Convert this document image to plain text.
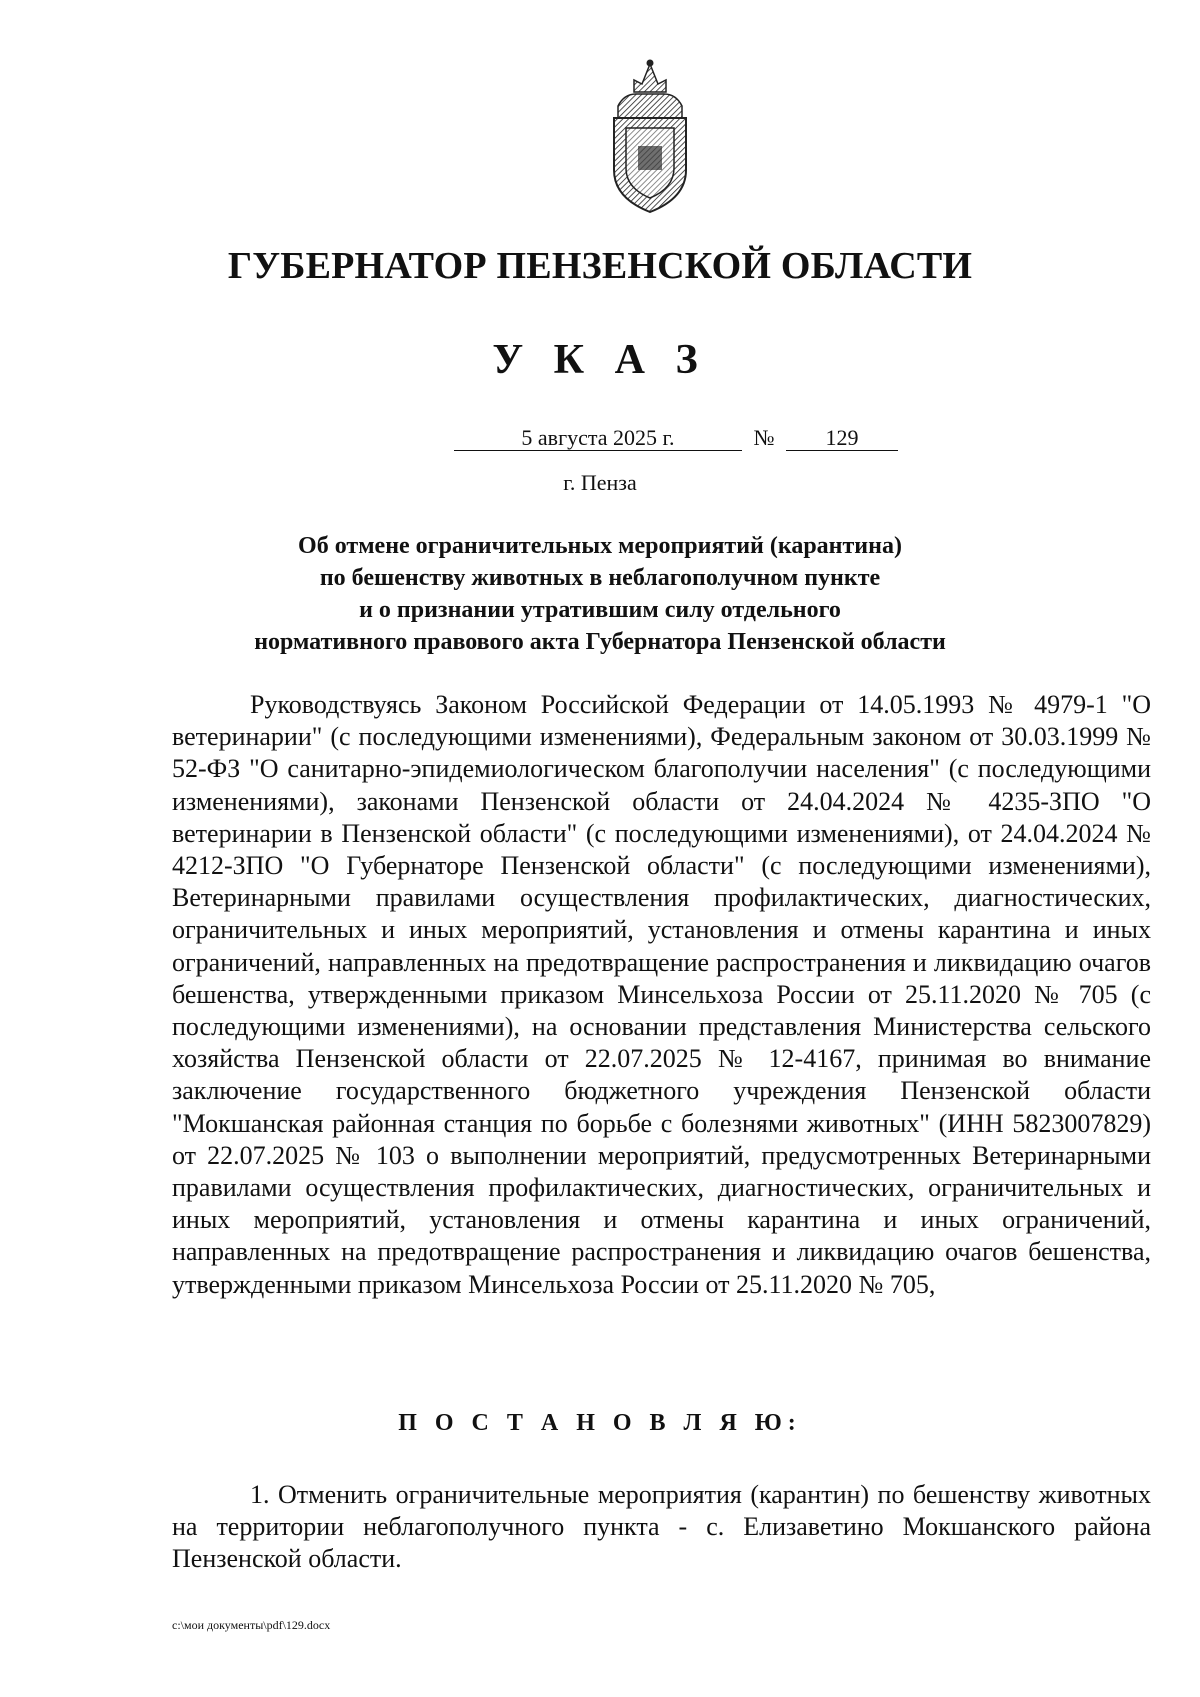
ГУБЕРНАТОР ПЕНЗЕНСКОЙ ОБЛАСТИ
У К А З
5 августа 2025 г.	№	129
г. Пенза
Об отмене ограничительных мероприятий (карантина)
по бешенству животных в неблагополучном пункте
и о признании утратившим силу отдельного
нормативного правового акта Губернатора Пензенской области
Руководствуясь Законом Российской Федерации от 14.05.1993 № 4979-1 "О ветеринарии" (с последующими изменениями), Федеральным законом от 30.03.1999 № 52-ФЗ "О санитарно-эпидемиологическом благополучии населения" (с последующими изменениями), законами Пензенской области от 24.04.2024 № 4235-ЗПО "О ветеринарии в Пензенской области" (с последующими изменениями), от 24.04.2024 № 4212-ЗПО "О Губернаторе Пензенской области" (с последующими изменениями), Ветеринарными правилами осуществления профилактических, диагностических, ограничительных и иных мероприятий, установления и отмены карантина и иных ограничений, направленных на предотвращение распространения и ликвидацию очагов бешенства, утвержденными приказом Минсельхоза России от 25.11.2020 № 705 (с последующими изменениями), на основании представления Министерства сельского хозяйства Пензенской области от 22.07.2025 № 12-4167, принимая во внимание заключение государственного бюджетного учреждения Пензенской области "Мокшанская районная станция по борьбе с болезнями животных" (ИНН 5823007829) от 22.07.2025 № 103 о выполнении мероприятий, предусмотренных Ветеринарными правилами осуществления профилактических, диагностических, ограничительных и иных мероприятий, установления и отмены карантина и иных ограничений, направленных на предотвращение распространения и ликвидацию очагов бешенства, утвержденными приказом Минсельхоза России от 25.11.2020 № 705,
П О С Т А Н О В Л Я Ю:
1. Отменить ограничительные мероприятия (карантин) по бешенству животных на территории неблагополучного пункта - с. Елизаветино Мокшанского района Пензенской области.
c:\мои документы\pdf\129.docx
